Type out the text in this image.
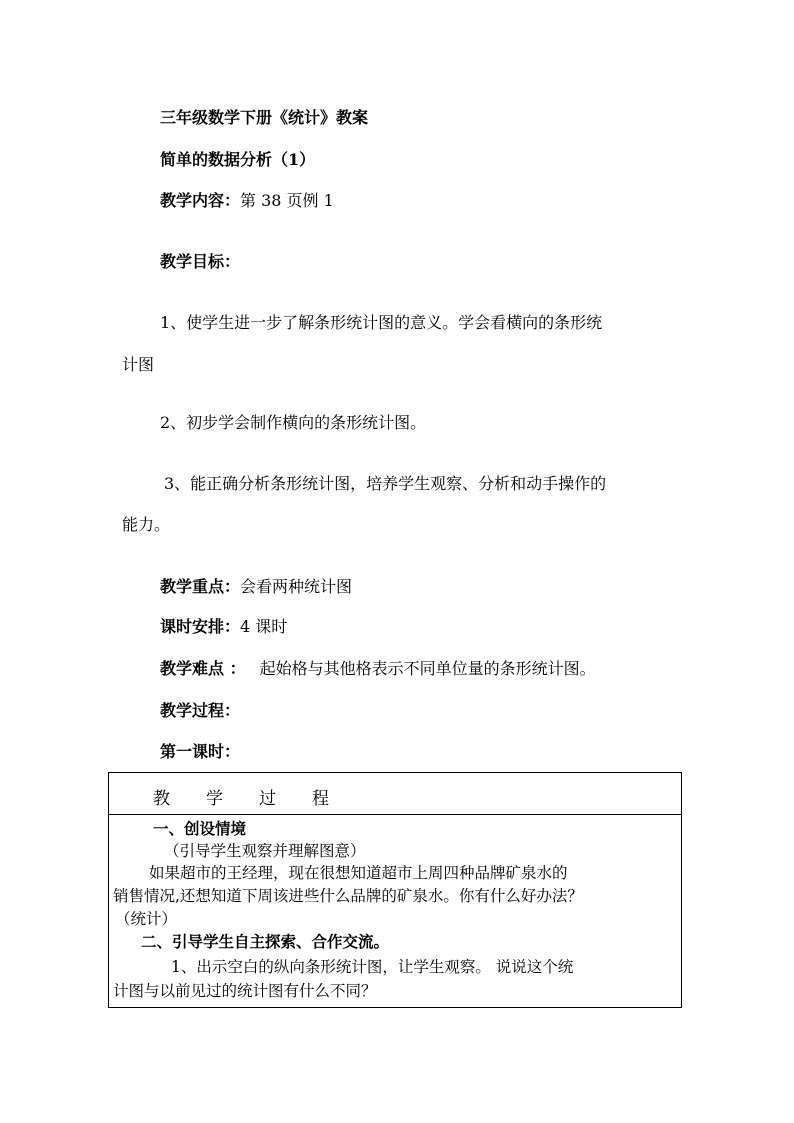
三年级数学下册《统计》教案
简单的数据分析（1）
教学内容：第 38 页例 1
教学目标：
1、使学生进一步了解条形统计图的意义。学会看横向的条形统
计图
2、初步学会制作横向的条形统计图。
3、能正确分析条形统计图，培养学生观察、分析和动手操作的
能力。
教学重点：会看两种统计图
课时安排：4 课时
教学难点 ： 起始格与其他格表示不同单位量的条形统计图。
教学过程：
第一课时：
教学过程
一、创设情境
（引导学生观察并理解图意）
如果超市的王经理，现在很想知道超市上周四种品牌矿泉水的
销售情况,还想知道下周该进些什么品牌的矿泉水。你有什么好办法？
（统计）
二、引导学生自主探索、合作交流。
1、出示空白的纵向条形统计图，让学生观察。 说说这个统
计图与以前见过的统计图有什么不同？
